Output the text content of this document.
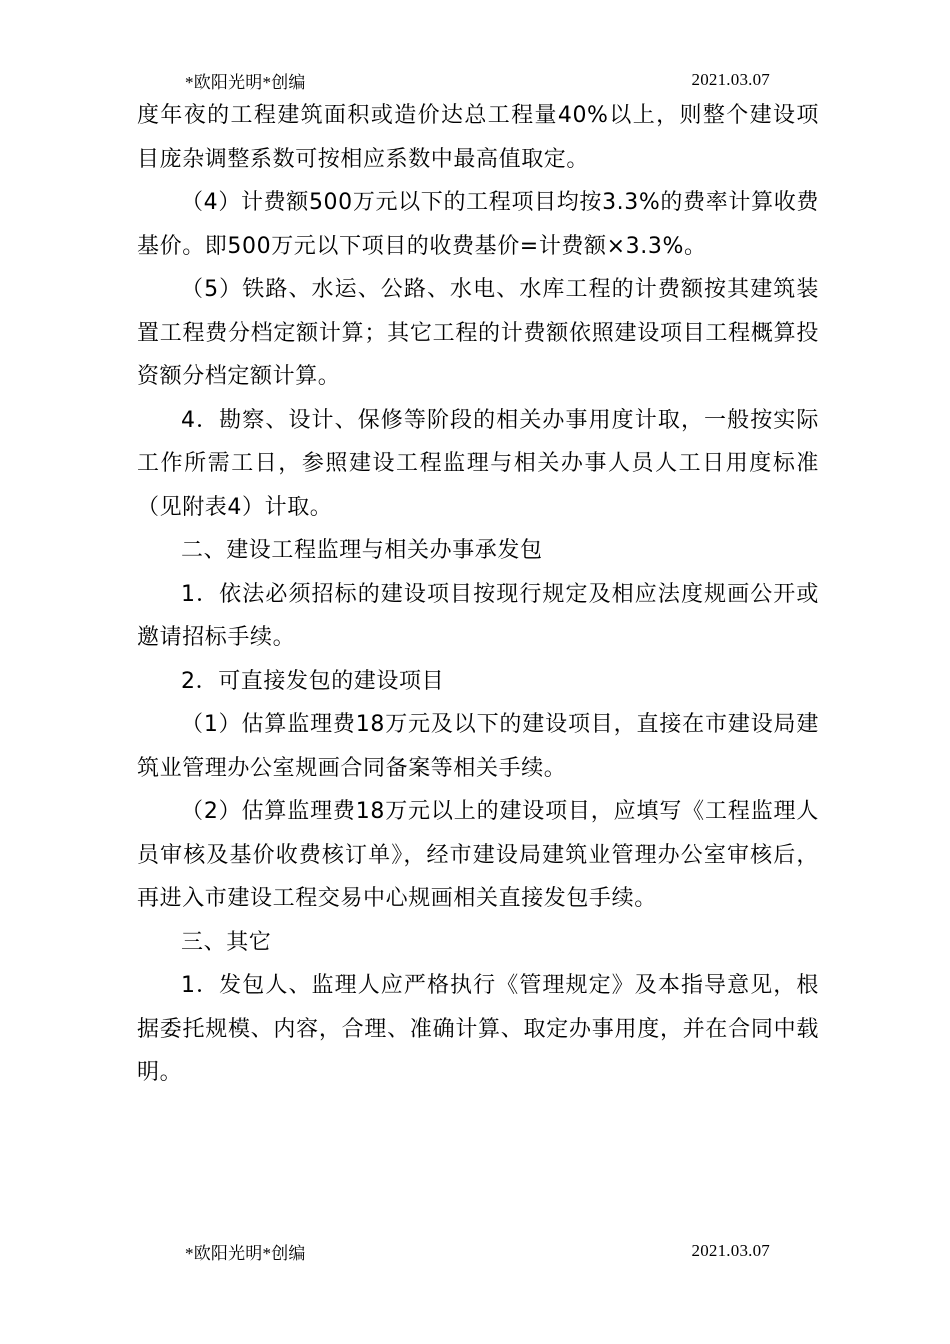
*欧阳光明*创编	2021.03.07

度年夜的工程建筑面积或造价达总工程量40%以上，则整个建设项目庞杂调整系数可按相应系数中最高值取定。

（4）计费额500万元以下的工程项目均按3.3%的费率计算收费基价。即500万元以下项目的收费基价=计费额×3.3%。

（5）铁路、水运、公路、水电、水库工程的计费额按其建筑装置工程费分档定额计算；其它工程的计费额依照建设项目工程概算投资额分档定额计算。

4．勘察、设计、保修等阶段的相关办事用度计取，一般按实际工作所需工日，参照建设工程监理与相关办事人员人工日用度标准（见附表4）计取。

二、建设工程监理与相关办事承发包

1．依法必须招标的建设项目按现行规定及相应法度规画公开或邀请招标手续。

2．可直接发包的建设项目

（1）估算监理费18万元及以下的建设项目，直接在市建设局建筑业管理办公室规画合同备案等相关手续。

（2）估算监理费18万元以上的建设项目，应填写《工程监理人员审核及基价收费核订单》，经市建设局建筑业管理办公室审核后，再进入市建设工程交易中心规画相关直接发包手续。

三、其它

1．发包人、监理人应严格执行《管理规定》及本指导意见，根据委托规模、内容，合理、准确计算、取定办事用度，并在合同中载明。

*欧阳光明*创编	2021.03.07
